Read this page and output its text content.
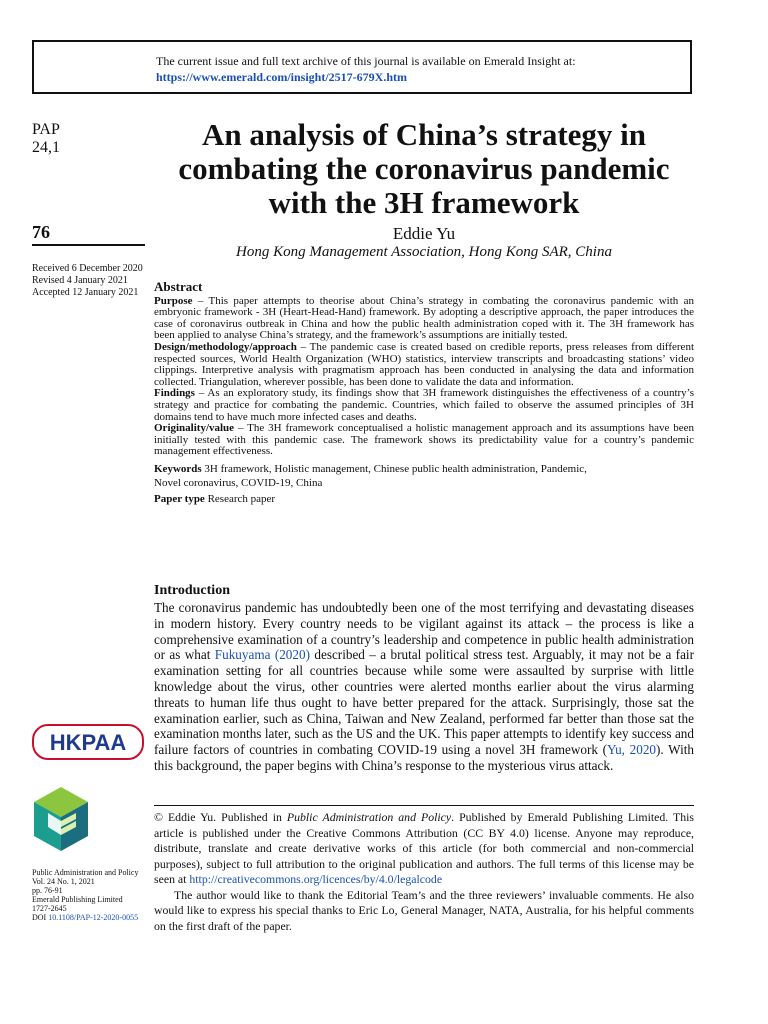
The current issue and full text archive of this journal is available on Emerald Insight at:
https://www.emerald.com/insight/2517-679X.htm
PAP
24,1
76
Received 6 December 2020
Revised 4 January 2021
Accepted 12 January 2021
An analysis of China’s strategy in combating the coronavirus pandemic with the 3H framework
Eddie Yu
Hong Kong Management Association, Hong Kong SAR, China
Abstract

Purpose – This paper attempts to theorise about China’s strategy in combating the coronavirus pandemic with an embryonic framework - 3H (Heart-Head-Hand) framework. By adopting a descriptive approach, the paper introduces the case of coronavirus outbreak in China and how the public health administration coped with it. The 3H framework has been applied to analyse China’s strategy, and the framework’s assumptions are initially tested.

Design/methodology/approach – The pandemic case is created based on credible reports, press releases from different respected sources, World Health Organization (WHO) statistics, interview transcripts and broadcasting stations’ video clippings. Interpretive analysis with pragmatism approach has been conducted in analysing the data and information collected. Triangulation, wherever possible, has been done to validate the data and information.

Findings – As an exploratory study, its findings show that 3H framework distinguishes the effectiveness of a country’s strategy and practice for combating the pandemic. Countries, which failed to observe the assumed principles of 3H domains tend to have much more infected cases and deaths.

Originality/value – The 3H framework conceptualised a holistic management approach and its assumptions have been initially tested with this pandemic case. The framework shows its predictability value for a country’s pandemic management effectiveness.

Keywords 3H framework, Holistic management, Chinese public health administration, Pandemic,
Novel coronavirus, COVID-19, China

Paper type Research paper

Introduction

The coronavirus pandemic has undoubtedly been one of the most terrifying and devastating diseases in modern history. Every country needs to be vigilant against its attack – the process is like a comprehensive examination of a country’s leadership and competence in public health administration or as what Fukuyama (2020) described – a brutal political stress test. Arguably, it may not be a fair examination setting for all countries because while some were assaulted by surprise with little knowledge about the virus, other countries were alerted months earlier about the virus alarming threats to human life thus ought to have better prepared for the attack. Surprisingly, those sat the examination earlier, such as China, Taiwan and New Zealand, performed far better than those sat the examination months later, such as the US and the UK. This paper attempts to identify key success and failure factors of countries in combating COVID-19 using a novel 3H framework (Yu, 2020). With this background, the paper begins with China’s response to the mysterious virus attack.

© Eddie Yu. Published in Public Administration and Policy. Published by Emerald Publishing Limited. This article is published under the Creative Commons Attribution (CC BY 4.0) license. Anyone may reproduce, distribute, translate and create derivative works of this article (for both commercial and non-commercial purposes), subject to full attribution to the original publication and authors. The full terms of this license may be seen at http://creativecommons.org/licences/by/4.0/legalcode

The author would like to thank the Editorial Team’s and the three reviewers’ invaluable comments. He also would like to express his special thanks to Eric Lo, General Manager, NATA, Australia, for his helpful comments on the first draft of the paper.

HKPAA
Public Administration and Policy
Vol. 24 No. 1, 2021
pp. 76-91
Emerald Publishing Limited
1727-2645
DOI 10.1108/PAP-12-2020-0055
